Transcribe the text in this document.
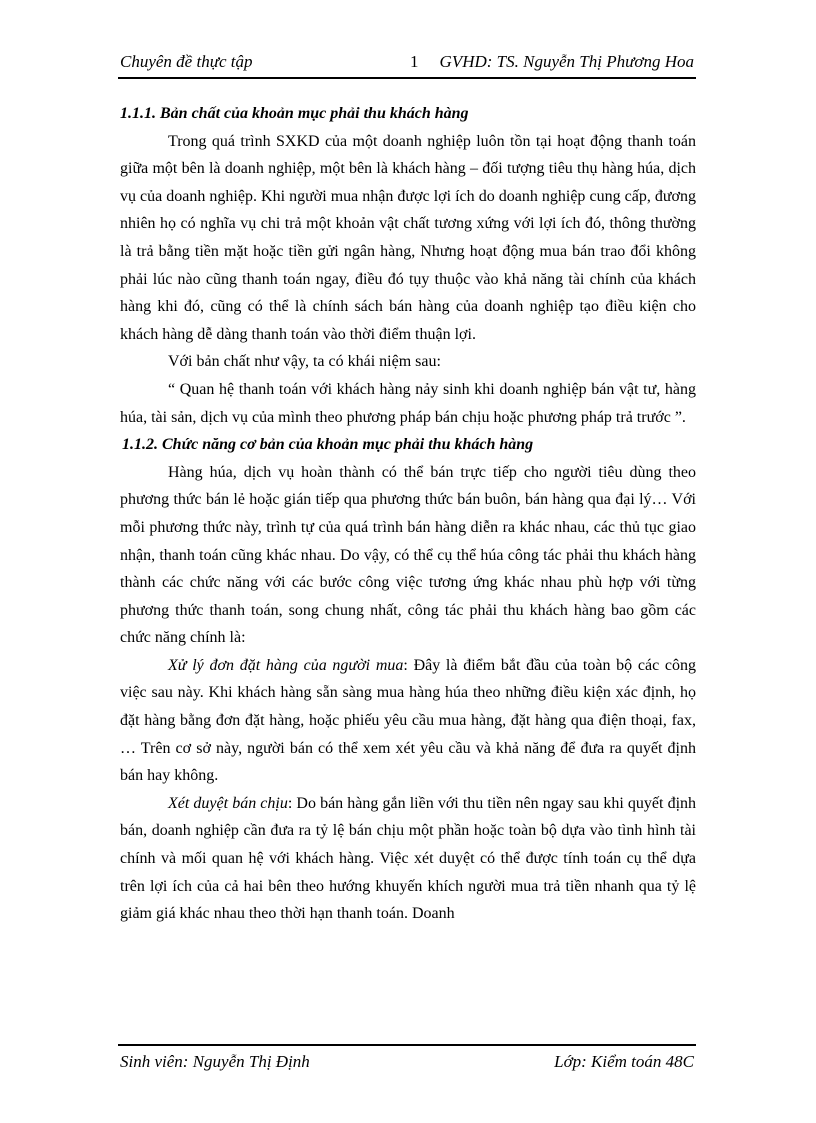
Chuyên đề thực tập	1 GVHD: TS. Nguyễn Thị Phương Hoa

1.1.1. Bản chất của khoản mục phải thu khách hàng

Trong quá trình SXKD của một doanh nghiệp luôn tồn tại hoạt động thanh toán giữa một bên là doanh nghiệp, một bên là khách hàng – đối tượng tiêu thụ hàng húa, dịch vụ của doanh nghiệp. Khi người mua nhận được lợi ích do doanh nghiệp cung cấp, đương nhiên họ có nghĩa vụ chi trả một khoản vật chất tương xứng với lợi ích đó, thông thường là trả bằng tiền mặt hoặc tiền gửi ngân hàng, Nhưng hoạt động mua bán trao đổi không phải lúc nào cũng thanh toán ngay, điều đó tụy thuộc vào khả năng tài chính của khách hàng khi đó, cũng có thể là chính sách bán hàng của doanh nghiệp tạo điều kiện cho khách hàng dễ dàng thanh toán vào thời điểm thuận lợi.

Với bản chất như vậy, ta có khái niệm sau:

“ Quan hệ thanh toán với khách hàng nảy sinh khi doanh nghiệp bán vật tư, hàng húa, tài sản, dịch vụ của mình theo phương pháp bán chịu hoặc phương pháp trả trước ”.

1.1.2. Chức năng cơ bản của khoản mục phải thu khách hàng

Hàng húa, dịch vụ hoàn thành có thể bán trực tiếp cho người tiêu dùng theo phương thức bán lẻ hoặc gián tiếp qua phương thức bán buôn, bán hàng qua đại lý… Với mỗi phương thức này, trình tự của quá trình bán hàng diễn ra khác nhau, các thủ tục giao nhận, thanh toán cũng khác nhau. Do vậy, có thể cụ thể húa công tác phải thu khách hàng thành các chức năng với các bước công việc tương ứng khác nhau phù hợp với từng phương thức thanh toán, song chung nhất, công tác phải thu khách hàng bao gồm các chức năng chính là:

Xử lý đơn đặt hàng của người mua: Đây là điểm bắt đầu của toàn bộ các công việc sau này. Khi khách hàng sẵn sàng mua hàng húa theo những điều kiện xác định, họ đặt hàng bằng đơn đặt hàng, hoặc phiếu yêu cầu mua hàng, đặt hàng qua điện thoại, fax, … Trên cơ sở này, người bán có thể xem xét yêu cầu và khả năng để đưa ra quyết định bán hay không.

Xét duyệt bán chịu: Do bán hàng gắn liền với thu tiền nên ngay sau khi quyết định bán, doanh nghiệp cần đưa ra tỷ lệ bán chịu một phần hoặc toàn bộ dựa vào tình hình tài chính và mối quan hệ với khách hàng. Việc xét duyệt có thể được tính toán cụ thể dựa trên lợi ích của cả hai bên theo hướng khuyến khích người mua trả tiền nhanh qua tỷ lệ giảm giá khác nhau theo thời hạn thanh toán. Doanh

Sinh viên: Nguyễn Thị Định	Lớp: Kiểm toán 48C
